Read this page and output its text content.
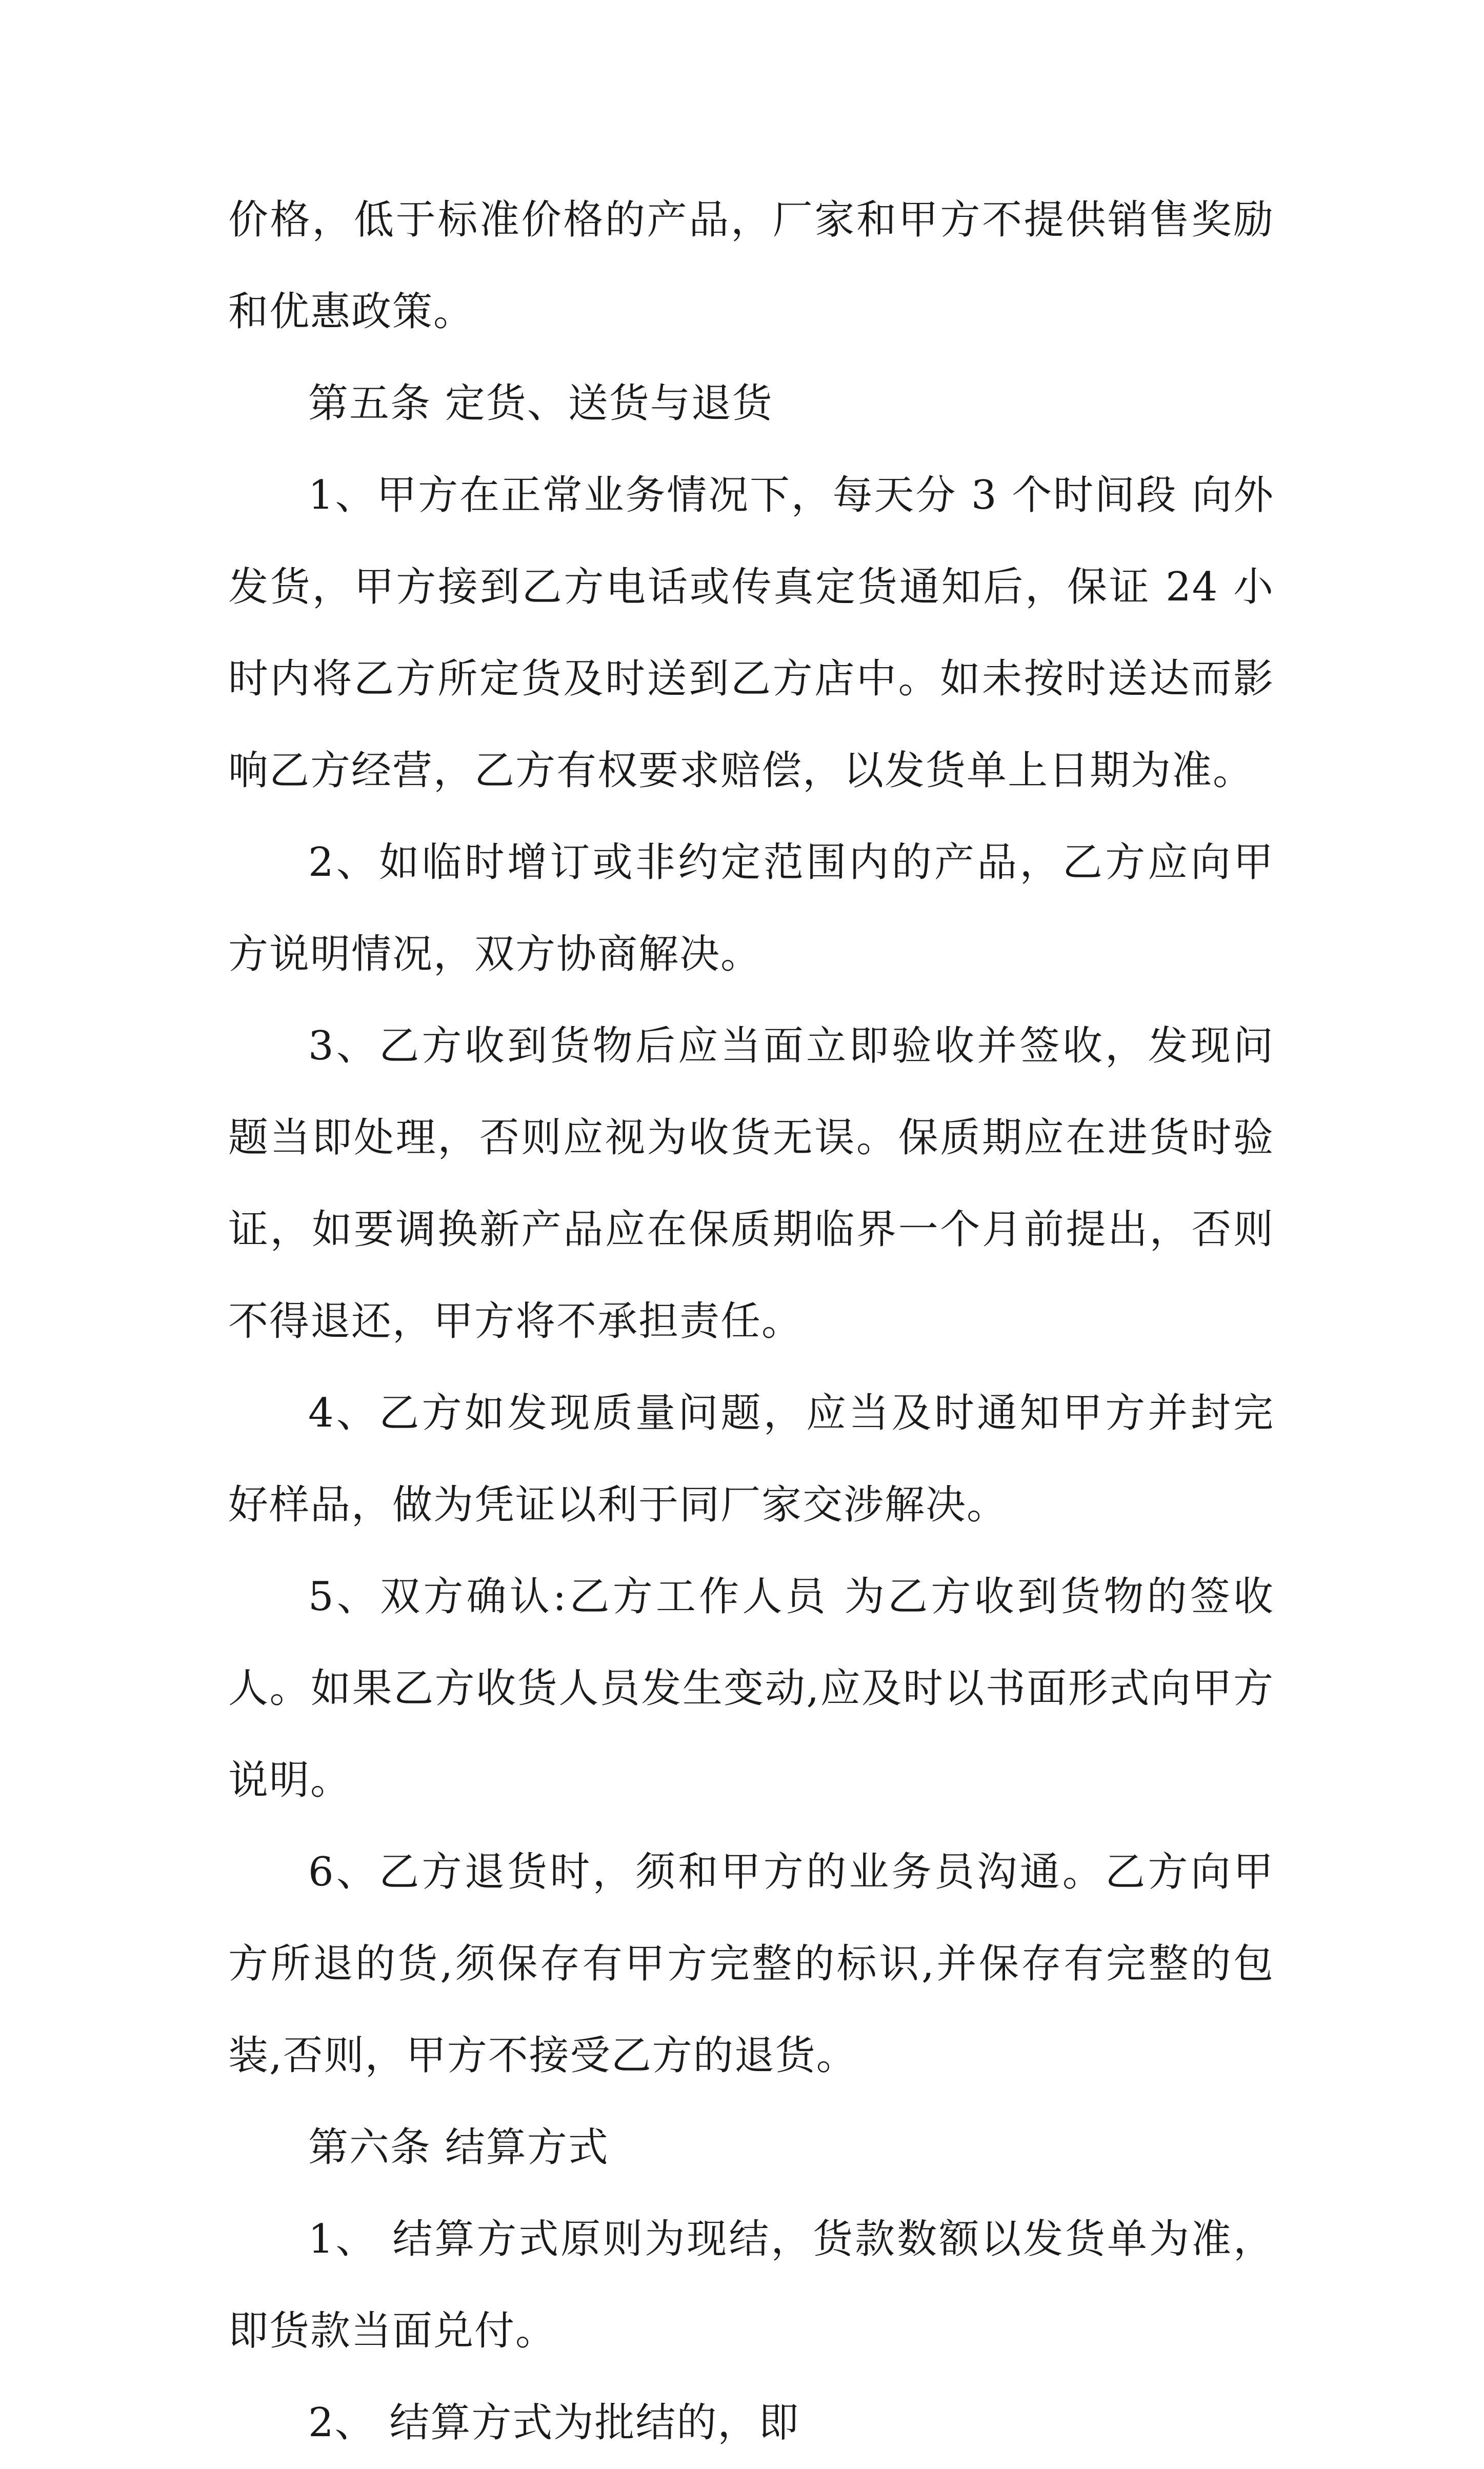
价格，低于标准价格的产品，厂家和甲方不提供销售奖励和优惠政策。

第五条 定货、送货与退货

1、甲方在正常业务情况下，每天分 3 个时间段 向外发货，甲方接到乙方电话或传真定货通知后，保证 24 小时内将乙方所定货及时送到乙方店中。如未按时送达而影响乙方经营，乙方有权要求赔偿，以发货单上日期为准。

2、如临时增订或非约定范围内的产品，乙方应向甲方说明情况，双方协商解决。

3、乙方收到货物后应当面立即验收并签收，发现问题当即处理，否则应视为收货无误。保质期应在进货时验证，如要调换新产品应在保质期临界一个月前提出，否则不得退还，甲方将不承担责任。

4、乙方如发现质量问题，应当及时通知甲方并封完好样品，做为凭证以利于同厂家交涉解决。

5、双方确认:乙方工作人员 为乙方收到货物的签收人。如果乙方收货人员发生变动,应及时以书面形式向甲方说明。

6、乙方退货时，须和甲方的业务员沟通。乙方向甲方所退的货,须保存有甲方完整的标识,并保存有完整的包装,否则，甲方不接受乙方的退货。

第六条 结算方式

1、 结算方式原则为现结，货款数额以发货单为准，即货款当面兑付。

2、 结算方式为批结的，即
